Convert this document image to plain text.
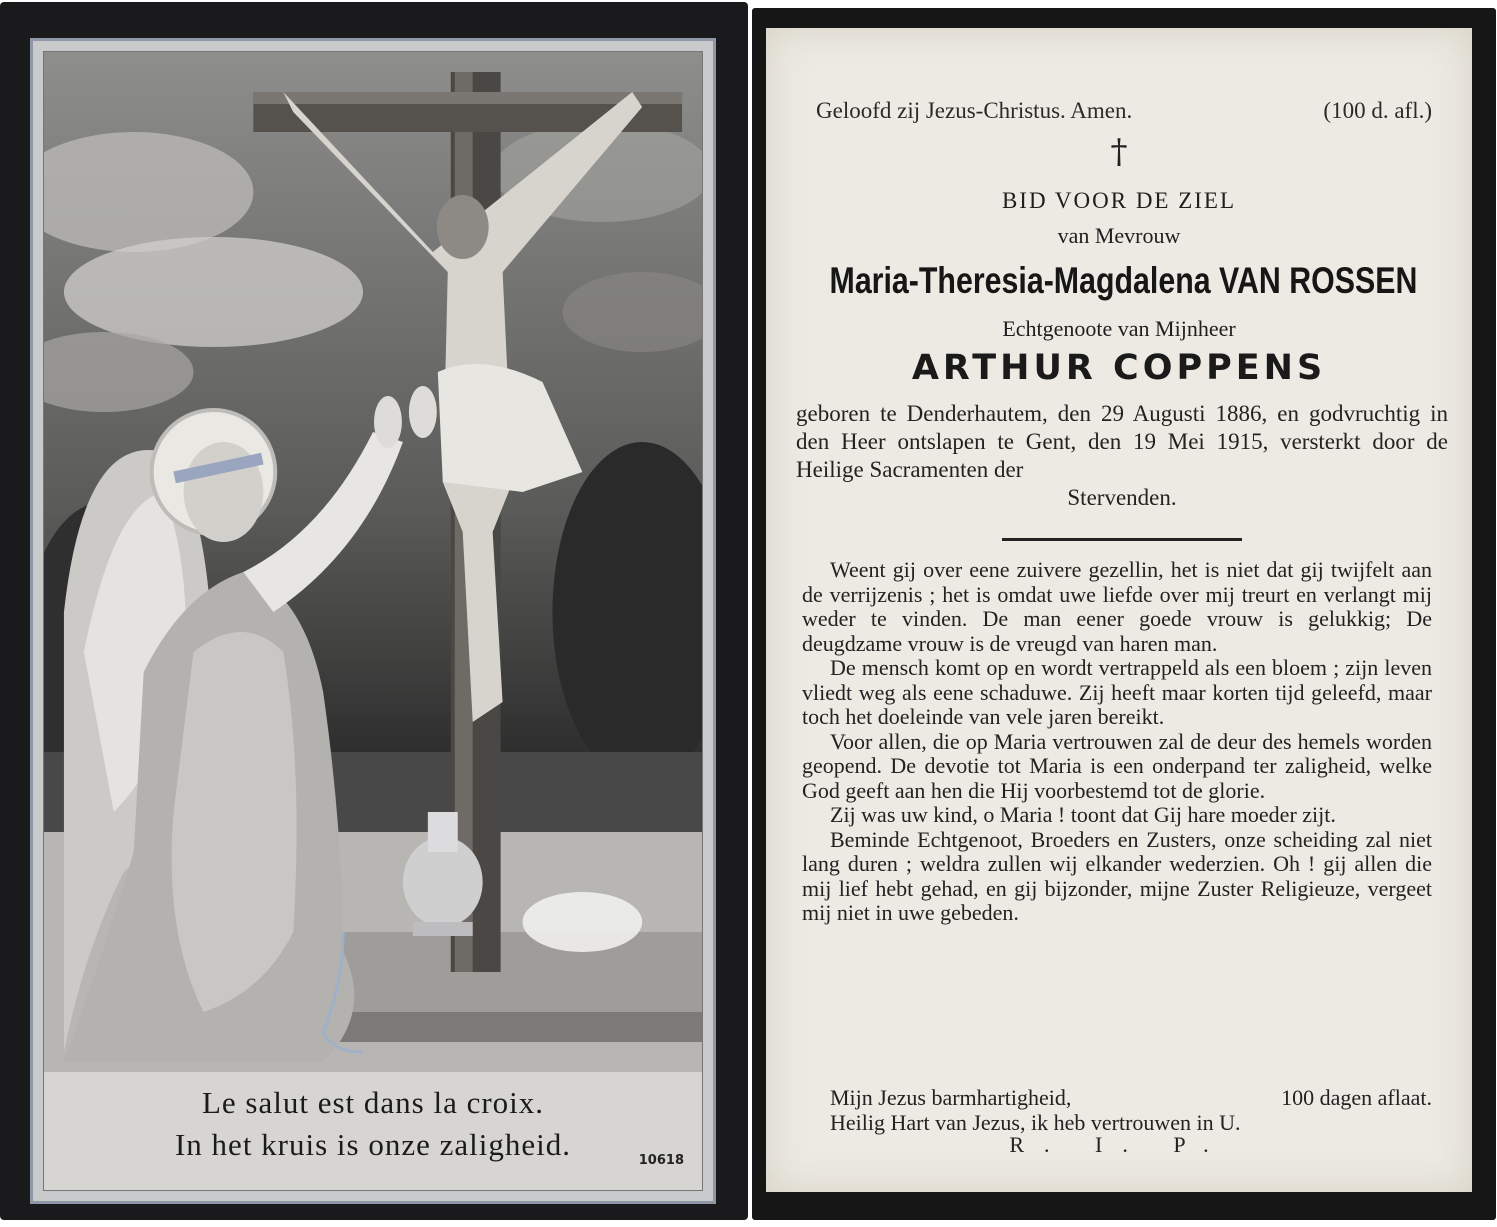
Le salut est dans la croix.
In het kruis is onze zaligheid.	10618
Geloofd zij Jezus-Christus. Amen.	(100 d. afl.)
†
BID VOOR DE ZIEL
van Mevrouw
Maria-Theresia-Magdalena VAN ROSSEN
Echtgenoote van Mijnheer
ARTHUR COPPENS
geboren te Denderhautem, den 29 Augusti 1886, en godvruchtig in den Heer ontslapen te Gent, den 19 Mei 1915, versterkt door de Heilige Sacramenten der
Stervenden.

Weent gij over eene zuivere gezellin, het is niet dat gij twijfelt aan de verrijzenis ; het is omdat uwe liefde over mij treurt en verlangt mij weder te vinden. De man eener goede vrouw is gelukkig; De deugdzame vrouw is de vreugd van haren man.

De mensch komt op en wordt vertrappeld als een bloem ; zijn leven vliedt weg als eene schaduwe. Zij heeft maar korten tijd geleefd, maar toch het doeleinde van vele jaren bereikt.

Voor allen, die op Maria vertrouwen zal de deur des hemels worden geopend. De devotie tot Maria is een onderpand ter zaligheid, welke God geeft aan hen die Hij voorbestemd tot de glorie.

Zij was uw kind, o Maria ! toont dat Gij hare moeder zijt.

Beminde Echtgenoot, Broeders en Zusters, onze scheiding zal niet lang duren ; weldra zullen wij elkander wederzien. Oh ! gij allen die mij lief hebt gehad, en gij bijzonder, mijne Zuster Religieuze, vergeet mij niet in uwe gebeden.

Mijn Jezus barmhartigheid,	100 dagen aflaat.
Heilig Hart van Jezus, ik heb vertrouwen in U.
R. I. P.
